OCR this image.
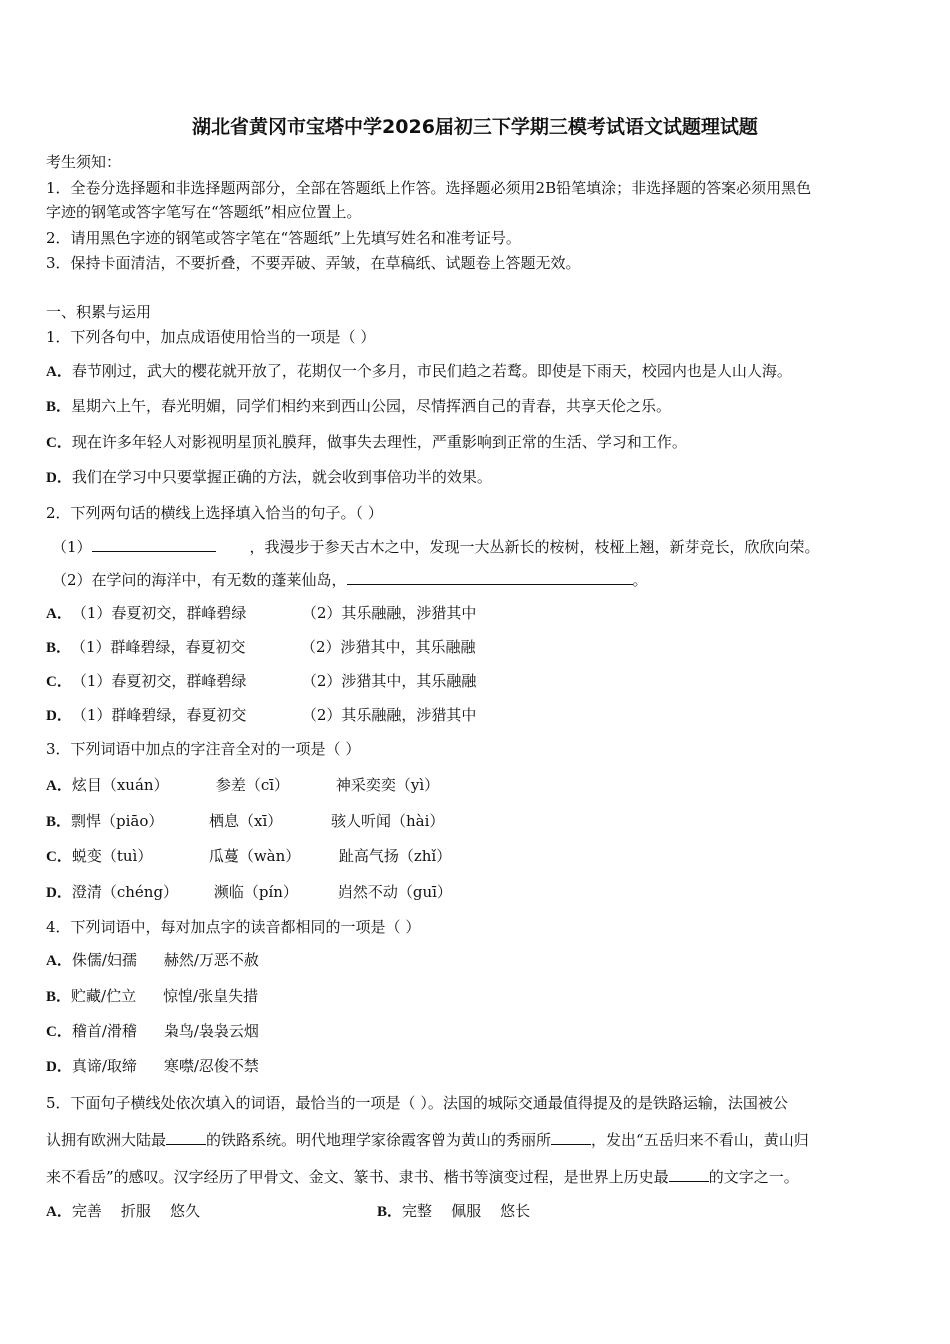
湖北省黄冈市宝塔中学2026届初三下学期三模考试语文试题理试题
考生须知：
1．全卷分选择题和非选择题两部分，全部在答题纸上作答。选择题必须用2B铅笔填涂；非选择题的答案必须用黑色
字迹的钢笔或答字笔写在“答题纸”相应位置上。
2．请用黑色字迹的钢笔或答字笔在“答题纸”上先填写姓名和准考证号。
3．保持卡面清洁，不要折叠，不要弄破、弄皱，在草稿纸、试题卷上答题无效。
一、积累与运用
1．下列各句中，加点成语使用恰当的一项是（ ）
A．春节刚过，武大的樱花就开放了，花期仅一个多月，市民们趋之若鹜。即使是下雨天，校园内也是人山人海。
B．星期六上午，春光明媚，同学们相约来到西山公园，尽情挥洒自己的青春，共享天伦之乐。
C．现在许多年轻人对影视明星顶礼膜拜，做事失去理性，严重影响到正常的生活、学习和工作。
D．我们在学习中只要掌握正确的方法，就会收到事倍功半的效果。
2．下列两句话的横线上选择填入恰当的句子。（ ）
（1）	，我漫步于参天古木之中，发现一大丛新长的桉树，枝桠上翘，新芽竞长，欣欣向荣。
（2）在学问的海洋中，有无数的蓬莱仙岛，	。
A．（1）春夏初交，群峰碧绿	（2）其乐融融，涉猎其中
B．（1）群峰碧绿，春夏初交	（2）涉猎其中，其乐融融
C．（1）春夏初交，群峰碧绿	（2）涉猎其中，其乐融融
D．（1）群峰碧绿，春夏初交	（2）其乐融融，涉猎其中
3．下列词语中加点的字注音全对的一项是（ ）
A．炫目（xuán）	参差（cī）	神采奕奕（yì）
B．剽悍（piāo）	栖息（xī）	骇人听闻（hài）
C．蜕变（tuì）	瓜蔓（wàn）	趾高气扬（zhǐ）
D．澄清（chéng） 濒临（pín）	岿然不动（guī）
4．下列词语中，每对加点字的读音都相同的一项是（ ）
A．侏儒/妇孺 赫然/万恶不赦
B．贮藏/伫立 惊惶/张皇失措
C．稽首/滑稽 枭鸟/袅袅云烟
D．真谛/取缔 寒噤/忍俊不禁
5．下面句子横线处依次填入的词语，最恰当的一项是（ ）。法国的城际交通最值得提及的是铁路运输，法国被公
认拥有欧洲大陆最	的铁路系统。明代地理学家徐霞客曾为黄山的秀丽所	，发出“五岳归来不看山，黄山归
来不看岳”的感叹。汉字经历了甲骨文、金文、篆书、隶书、楷书等演变过程，是世界上历史最	的文字之一。
A．完善    折服    悠久	B．完整    佩服    悠长
